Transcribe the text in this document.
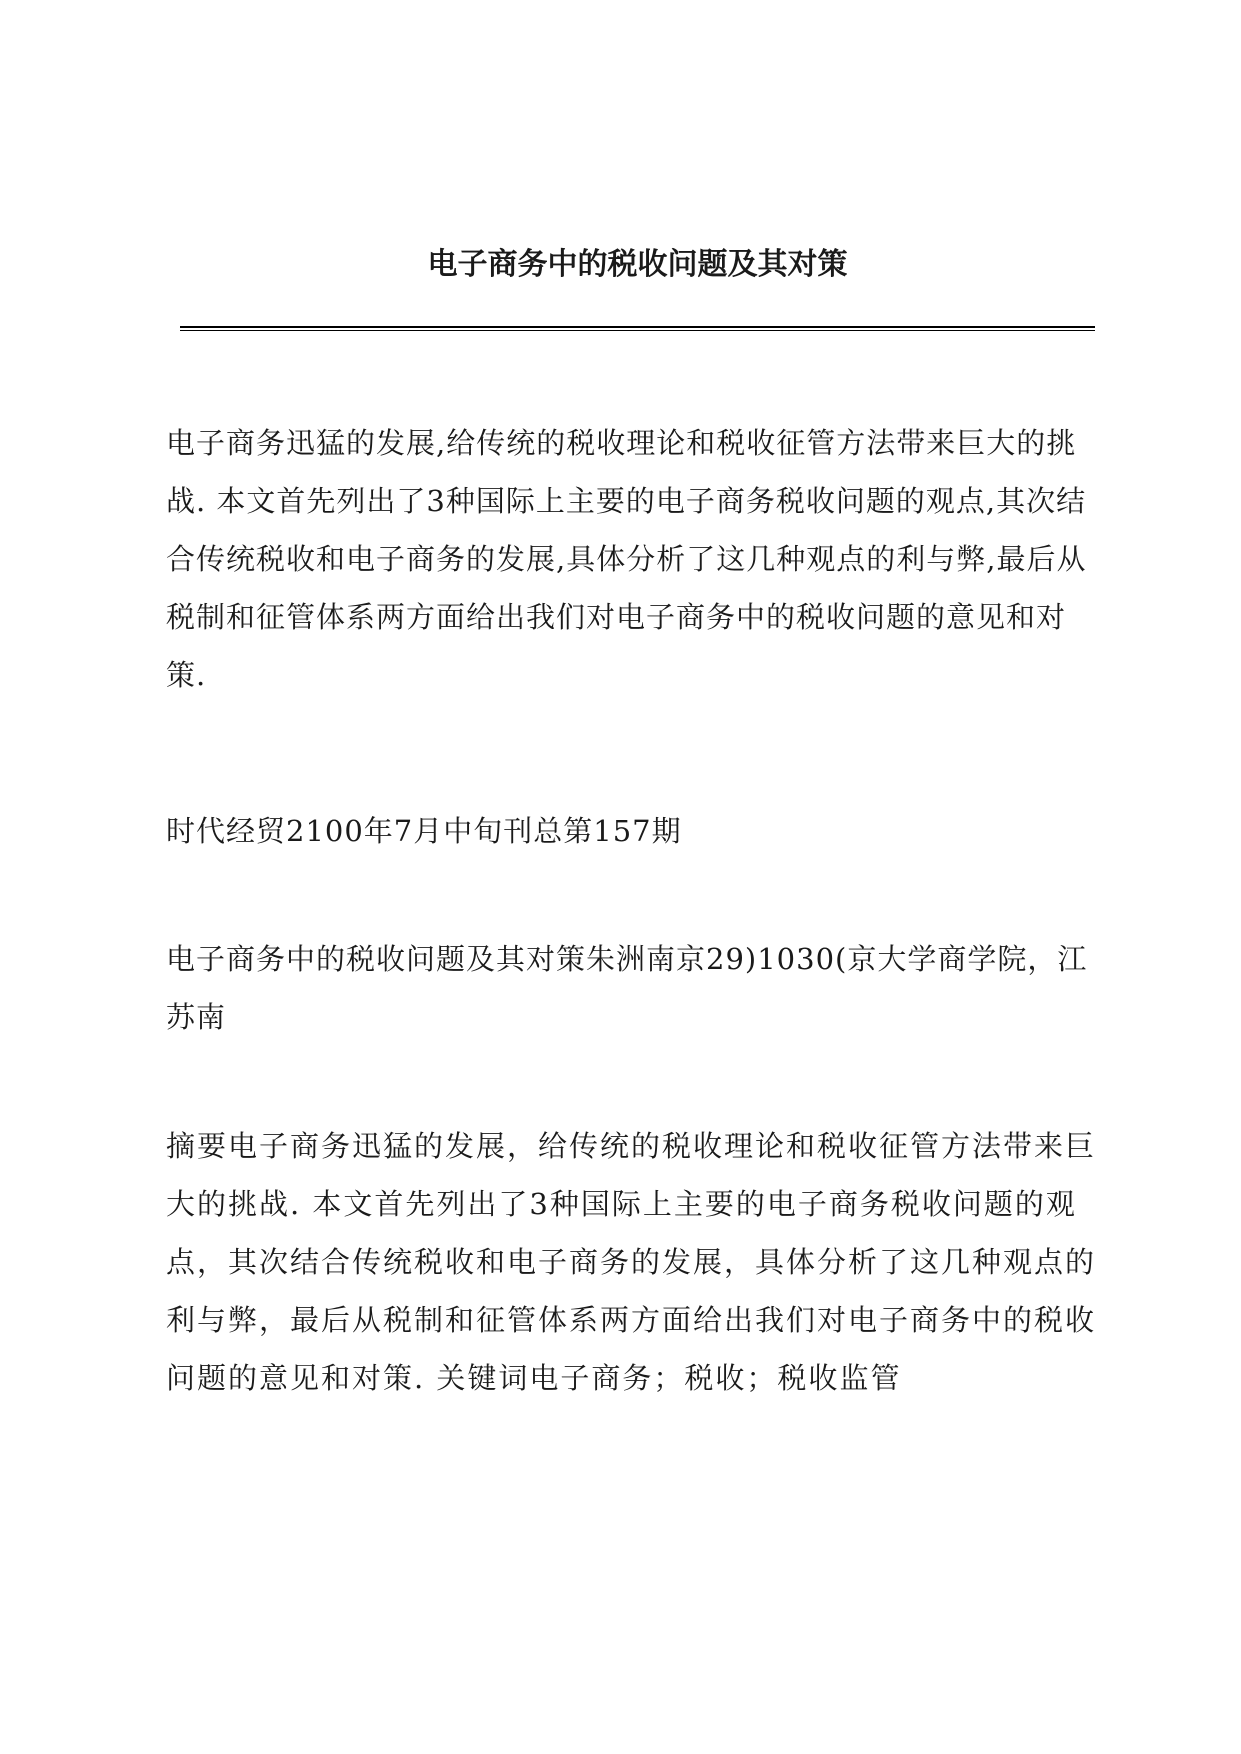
电子商务中的税收问题及其对策

电子商务迅猛的发展,给传统的税收理论和税收征管方法带来巨大的挑战. 本文首先列出了3种国际上主要的电子商务税收问题的观点,其次结合传统税收和电子商务的发展,具体分析了这几种观点的利与弊,最后从税制和征管体系两方面给出我们对电子商务中的税收问题的意见和对策.

时代经贸2100年7月中旬刊总第157期

电子商务中的税收问题及其对策朱洲南京29)1030(京大学商学院，江苏南

摘要电子商务迅猛的发展，给传统的税收理论和税收征管方法带来巨大的挑战. 本文首先列出了3种国际上主要的电子商务税收问题的观点，其次结合传统税收和电子商务的发展，具体分析了这几种观点的利与弊，最后从税制和征管体系两方面给出我们对电子商务中的税收问题的意见和对策. 关键词电子商务；税收；税收监管
